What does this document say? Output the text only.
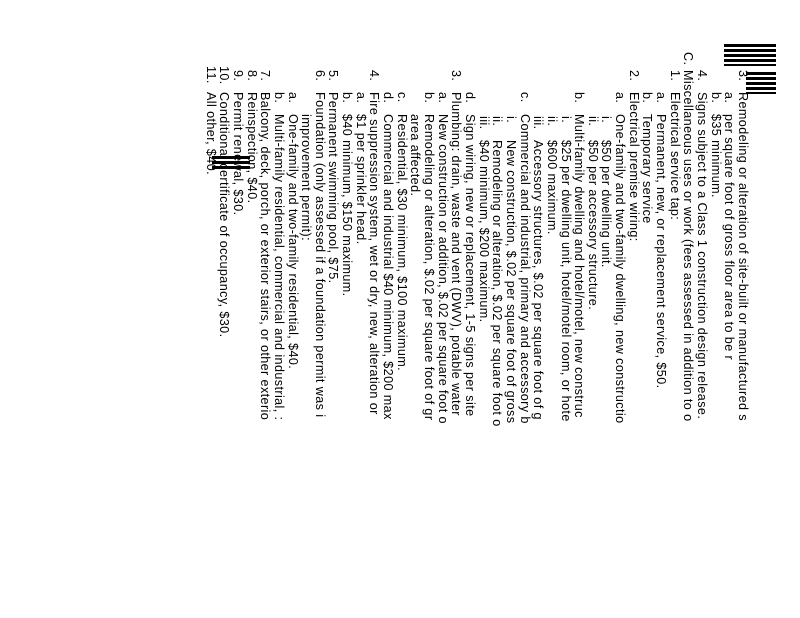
3.Remodeling or alteration of site-built or manufactured s
a.per square foot of gross floor area to be r
b.$35 minimum.
4.Signs subject to a Class 1 construction design release.
C.Miscellaneous uses or work (fees assessed in addition to o
1.Electrical service tap:
a.Permanent, new, or replacement service, $50.
b.Temporary service
2.Electrical premise wiring:
a.One-family and two-family dwelling, new constructio
i.$50 per dwelling unit.
ii.$50 per accessory structure.
b.Multi-family dwelling and hotel/motel, new construc
i.$25 per dwelling unit, hotel/motel room, or hote
ii.$600 maximum.
iii.Accessory structures, $.02 per square foot of g
c.Commercial and industrial, primary and accessory b
i.New construction, $.02 per square foot of gross
ii.Remodeling or alteration, $.02 per square foot o
iii.$40 minimum, $200 maximum.
d.Sign wiring, new or replacement, 1-5 signs per site
3.Plumbing: drain, waste and vent (DWV), potable water
a.New construction or addition, $.02 per square foot o
b.Remodeling or alteration, $.02 per square foot of gr
area affected.
c.Residential, $30 minimum, $100 maximum.
d.Commercial and industrial $40 minimum, $200 max
4.Fire suppression system, wet or dry, new, alteration or
a.$1 per sprinkler head.
b.$40 minimum, $150 maximum.
5.Permanent swimming pool, $75.
6.Foundation (only assessed if a foundation permit was i
improvement permit):
a.One-family and two-family residential, $40.
b.Multi-family residential, commercial and industrial, :
7.Balcony, deck, porch, or exterior stairs, or other exterio
8.Reinspection, $40.
9.Permit renewal, $30.
10.Conditional certificate of occupancy, $30.
11.All other, $40.
